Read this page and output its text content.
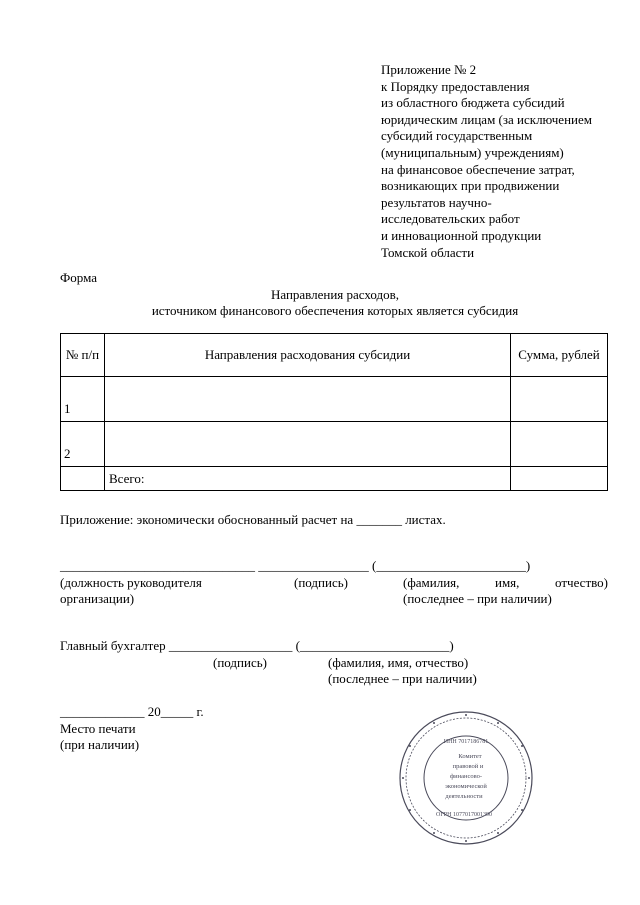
Приложение № 2
к Порядку предоставления
из областного бюджета субсидий
юридическим лицам (за исключением
субсидий государственным
(муниципальным) учреждениям)
на финансовое обеспечение затрат,
возникающих при продвижении
результатов научно-
исследовательских работ
и инновационной продукции
Томской области
Форма
Направления расходов,
источником финансового обеспечения которых является субсидия
№ п/п	Направления расходования субсидии	Сумма, рублей
1		
2		
	Всего:	
Приложение: экономически обоснованный расчет на _______ листах.
______________________________ _________________ (_______________________)
(должность руководителя
организации)
(подпись)	(фамилия, имя, отчество)
(последнее – при наличии)
Главный бухгалтер ___________________ (_______________________)
(подпись)	(фамилия, имя, отчество)
(последнее – при наличии)
_____________ 20_____ г.
Место печати
(при наличии)	ИНН 7017186781
Комитет
правовой и
финансово-
экономической
деятельности
ОГРН 1077017001390
